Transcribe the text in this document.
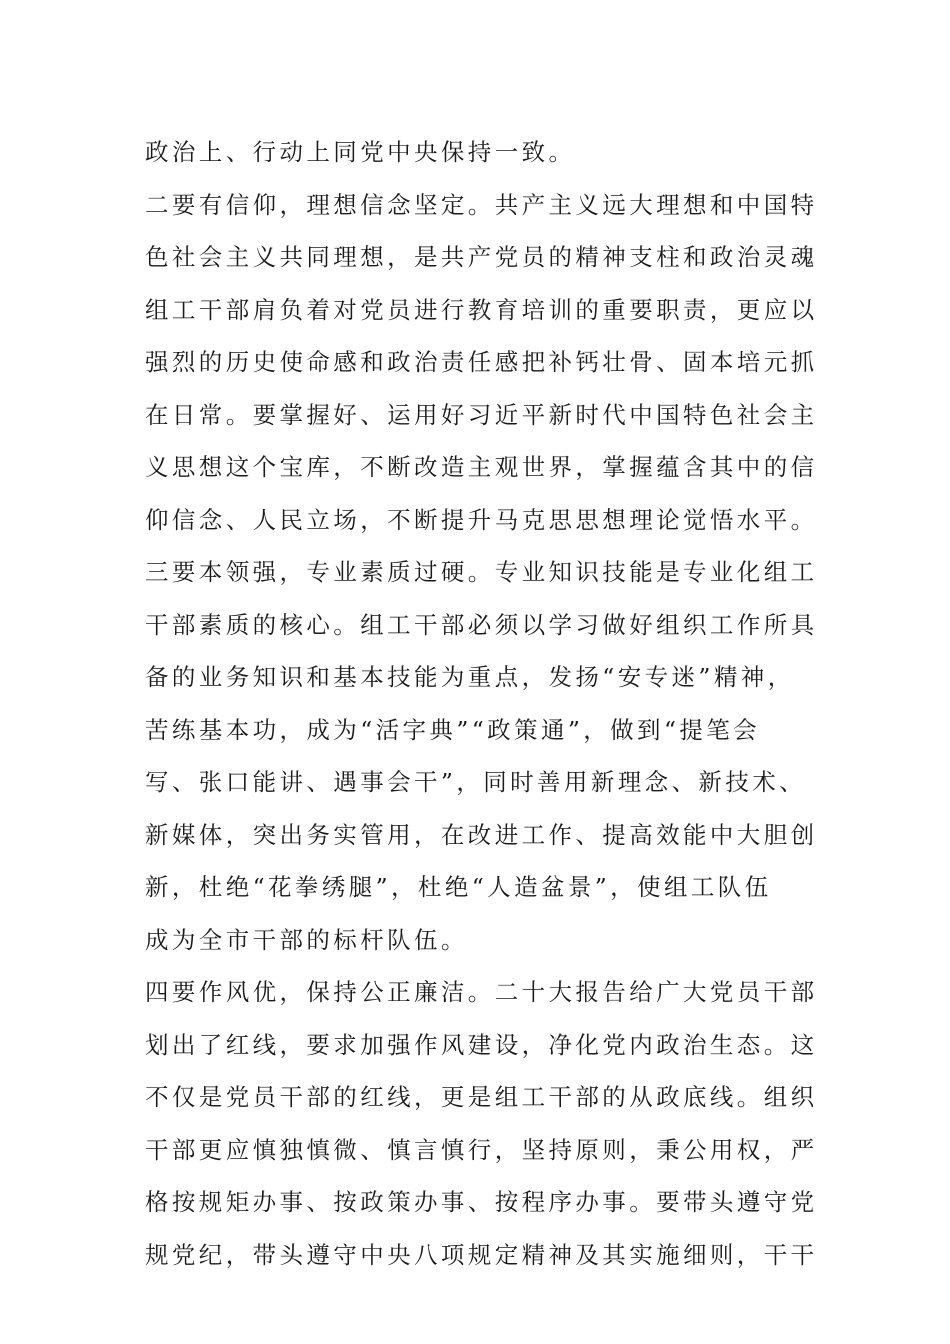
政治上、行动上同党中央保持一致。
二要有信仰，理想信念坚定。共产主义远大理想和中国特
色社会主义共同理想，是共产党员的精神支柱和政治灵魂
组工干部肩负着对党员进行教育培训的重要职责，更应以
强烈的历史使命感和政治责任感把补钙壮骨、固本培元抓
在日常。要掌握好、运用好习近平新时代中国特色社会主
义思想这个宝库，不断改造主观世界，掌握蕴含其中的信
仰信念、人民立场，不断提升马克思思想理论觉悟水平。
三要本领强，专业素质过硬。专业知识技能是专业化组工
干部素质的核心。组工干部必须以学习做好组织工作所具
备的业务知识和基本技能为重点，发扬“安专迷”精神，
苦练基本功，成为“活字典”“政策通”，做到“提笔会
写、张口能讲、遇事会干”，同时善用新理念、新技术、
新媒体，突出务实管用，在改进工作、提高效能中大胆创
新，杜绝“花拳绣腿”，杜绝“人造盆景”，使组工队伍
成为全市干部的标杆队伍。
四要作风优，保持公正廉洁。二十大报告给广大党员干部
划出了红线，要求加强作风建设，净化党内政治生态。这
不仅是党员干部的红线，更是组工干部的从政底线。组织
干部更应慎独慎微、慎言慎行，坚持原则，秉公用权，严
格按规矩办事、按政策办事、按程序办事。要带头遵守党
规党纪，带头遵守中央八项规定精神及其实施细则，干干
